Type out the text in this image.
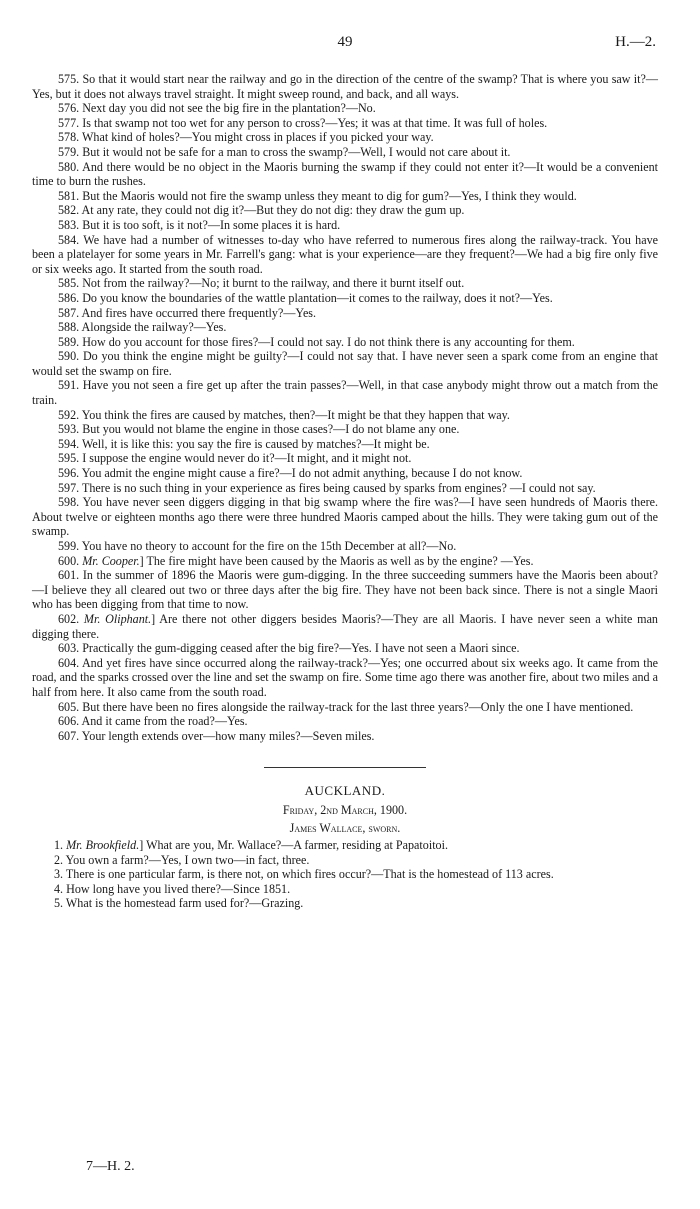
49	H.—2.

575. So that it would start near the railway and go in the direction of the centre of the swamp? That is where you saw it?—Yes, but it does not always travel straight. It might sweep round, and back, and all ways.

576. Next day you did not see the big fire in the plantation?—No.

577. Is that swamp not too wet for any person to cross?—Yes; it was at that time. It was full of holes.

578. What kind of holes?—You might cross in places if you picked your way.

579. But it would not be safe for a man to cross the swamp?—Well, I would not care about it.

580. And there would be no object in the Maoris burning the swamp if they could not enter it?—It would be a convenient time to burn the rushes.

581. But the Maoris would not fire the swamp unless they meant to dig for gum?—Yes, I think they would.

582. At any rate, they could not dig it?—But they do not dig: they draw the gum up.

583. But it is too soft, is it not?—In some places it is hard.

584. We have had a number of witnesses to-day who have referred to numerous fires along the railway-track. You have been a platelayer for some years in Mr. Farrell's gang: what is your experience—are they frequent?—We had a big fire only five or six weeks ago. It started from the south road.

585. Not from the railway?—No; it burnt to the railway, and there it burnt itself out.

586. Do you know the boundaries of the wattle plantation—it comes to the railway, does it not?—Yes.

587. And fires have occurred there frequently?—Yes.

588. Alongside the railway?—Yes.

589. How do you account for those fires?—I could not say. I do not think there is any accounting for them.

590. Do you think the engine might be guilty?—I could not say that. I have never seen a spark come from an engine that would set the swamp on fire.

591. Have you not seen a fire get up after the train passes?—Well, in that case anybody might throw out a match from the train.

592. You think the fires are caused by matches, then?—It might be that they happen that way.

593. But you would not blame the engine in those cases?—I do not blame any one.

594. Well, it is like this: you say the fire is caused by matches?—It might be.

595. I suppose the engine would never do it?—It might, and it might not.

596. You admit the engine might cause a fire?—I do not admit anything, because I do not know.

597. There is no such thing in your experience as fires being caused by sparks from engines? —I could not say.

598. You have never seen diggers digging in that big swamp where the fire was?—I have seen hundreds of Maoris there. About twelve or eighteen months ago there were three hundred Maoris camped about the hills. They were taking gum out of the swamp.

599. You have no theory to account for the fire on the 15th December at all?—No.

600. Mr. Cooper.] The fire might have been caused by the Maoris as well as by the engine? —Yes.

601. In the summer of 1896 the Maoris were gum-digging. In the three succeeding summers have the Maoris been about?—I believe they all cleared out two or three days after the big fire. They have not been back since. There is not a single Maori who has been digging from that time to now.

602. Mr. Oliphant.] Are there not other diggers besides Maoris?—They are all Maoris. I have never seen a white man digging there.

603. Practically the gum-digging ceased after the big fire?—Yes. I have not seen a Maori since.

604. And yet fires have since occurred along the railway-track?—Yes; one occurred about six weeks ago. It came from the road, and the sparks crossed over the line and set the swamp on fire. Some time ago there was another fire, about two miles and a half from here. It also came from the south road.

605. But there have been no fires alongside the railway-track for the last three years?—Only the one I have mentioned.

606. And it came from the road?—Yes.

607. Your length extends over—how many miles?—Seven miles.

AUCKLAND.

Friday, 2nd March, 1900.

James Wallace, sworn.

1. Mr. Brookfield.] What are you, Mr. Wallace?—A farmer, residing at Papatoitoi.

2. You own a farm?—Yes, I own two—in fact, three.

3. There is one particular farm, is there not, on which fires occur?—That is the homestead of 113 acres.

4. How long have you lived there?—Since 1851.

5. What is the homestead farm used for?—Grazing.

7—H. 2.
